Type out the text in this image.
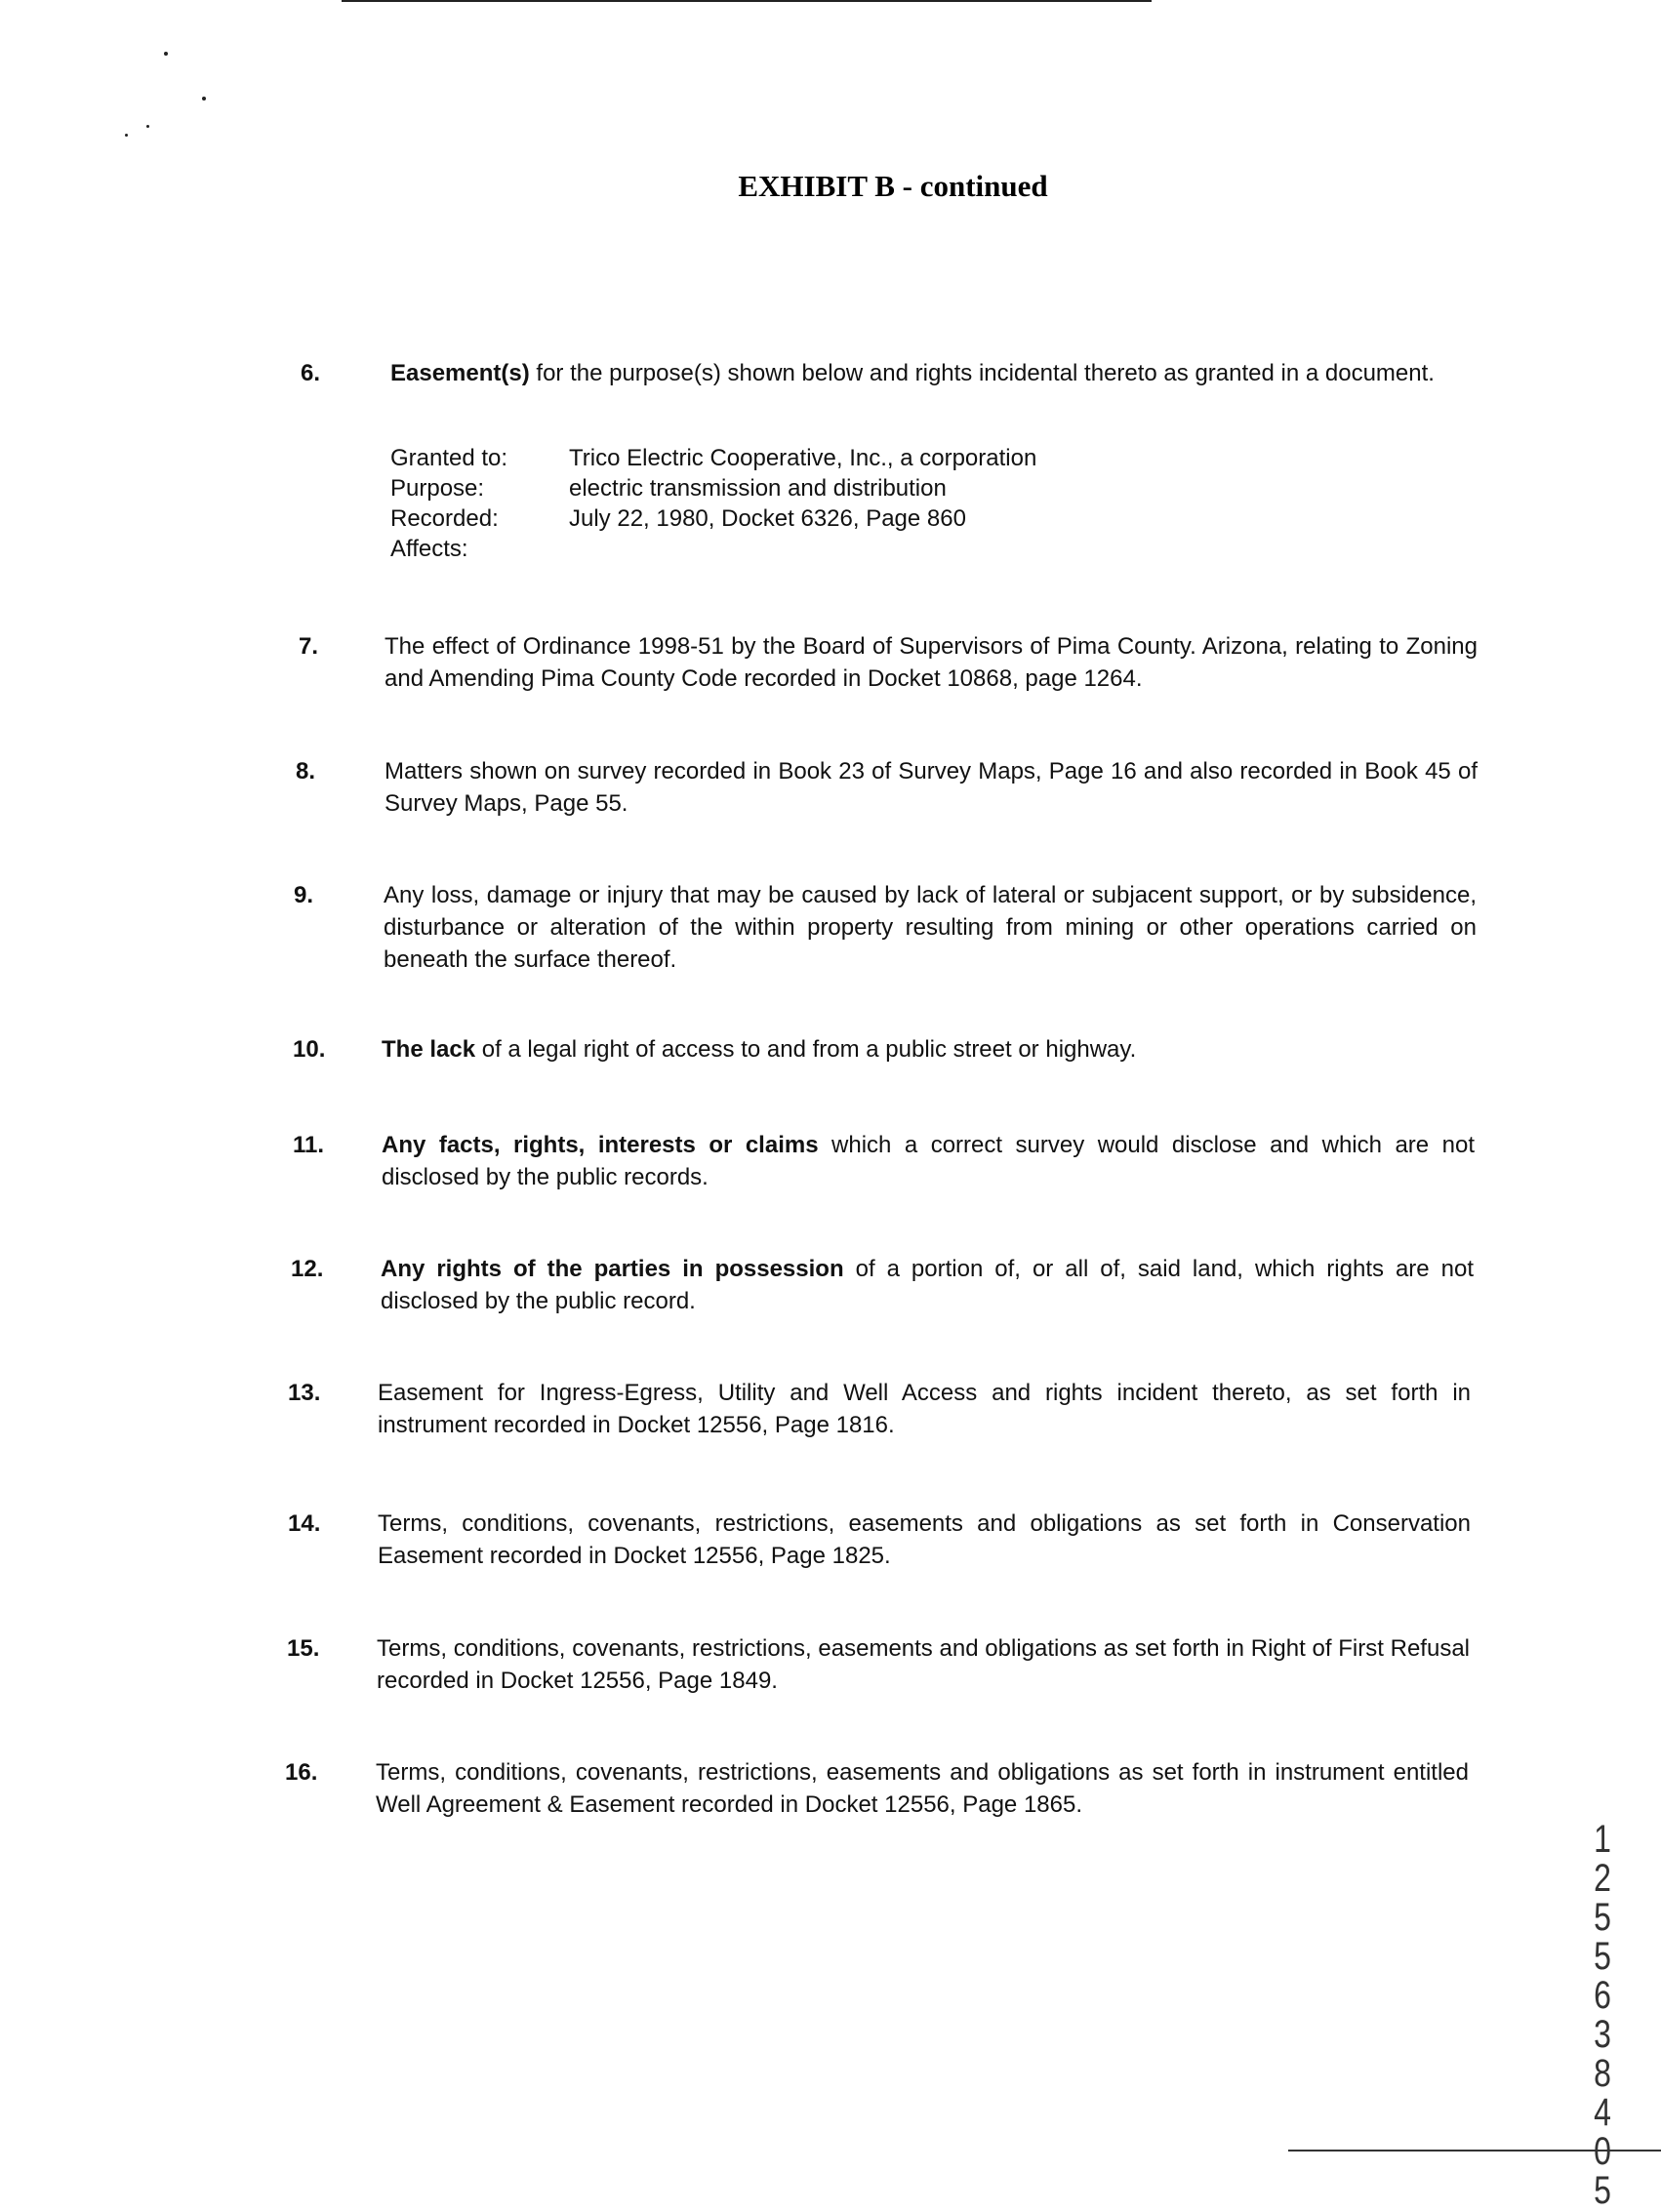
EXHIBIT B - continued
6.	Easement(s) for the purpose(s) shown below and rights incidental thereto as granted in a document.
Granted to:	Trico Electric Cooperative, Inc., a corporation
Purpose:	electric transmission and distribution
Recorded:	July 22, 1980, Docket 6326, Page 860
Affects:
7.	The effect of Ordinance 1998-51 by the Board of Supervisors of Pima County. Arizona, relating to Zoning and Amending Pima County Code recorded in Docket 10868, page 1264.
8.	Matters shown on survey recorded in Book 23 of Survey Maps, Page 16 and also recorded in Book 45 of Survey Maps, Page 55.
9.	Any loss, damage or injury that may be caused by lack of lateral or subjacent support, or by subsidence, disturbance or alteration of the within property resulting from mining or other operations carried on beneath the surface thereof.
10. The lack of a legal right of access to and from a public street or highway.
11. Any facts, rights, interests or claims which a correct survey would disclose and which are not disclosed by the public records.
12. Any rights of the parties in possession of a portion of, or all of, said land, which rights are not disclosed by the public record.
13. Easement for Ingress-Egress, Utility and Well Access and rights incident thereto, as set forth in instrument recorded in Docket 12556, Page 1816.
14. Terms, conditions, covenants, restrictions, easements and obligations as set forth in Conservation Easement recorded in Docket 12556, Page 1825.
15. Terms, conditions, covenants, restrictions, easements and obligations as set forth in Right of First Refusal recorded in Docket 12556, Page 1849.
16. Terms, conditions, covenants, restrictions, easements and obligations as set forth in instrument entitled Well Agreement & Easement recorded in Docket 12556, Page 1865.
12556 3840 5
